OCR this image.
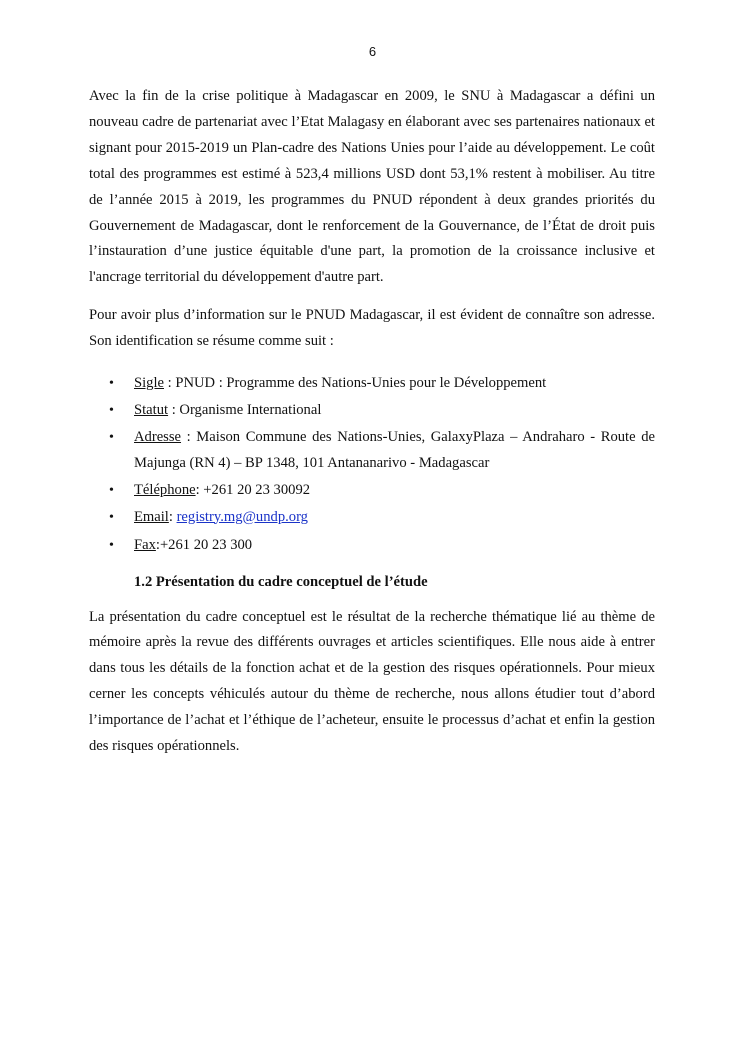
6

Avec la fin de la crise politique à Madagascar en 2009, le SNU à Madagascar a défini un nouveau cadre de partenariat avec l’Etat Malagasy en élaborant avec ses partenaires nationaux et signant pour 2015-2019 un Plan-cadre des Nations Unies pour l’aide au développement. Le coût total des programmes est estimé à 523,4 millions USD dont 53,1% restent à mobiliser. Au titre de l’année 2015 à 2019, les programmes du PNUD répondent à deux grandes priorités du Gouvernement de Madagascar, dont le renforcement de la Gouvernance, de l’État de droit puis l’instauration d’une justice équitable d'une part, la promotion de la croissance inclusive et l'ancrage territorial du développement d'autre part.

Pour avoir plus d’information sur le PNUD Madagascar, il est évident de connaître son adresse. Son identification se résume comme suit :

• Sigle : PNUD : Programme des Nations-Unies pour le Développement
• Statut : Organisme International
• Adresse : Maison Commune des Nations-Unies, GalaxyPlaza – Andraharo - Route de Majunga (RN 4) – BP 1348, 101 Antananarivo - Madagascar
• Téléphone: +261 20 23 30092
• Email: registry.mg@undp.org
• Fax:+261 20 23 300
1.2 Présentation du cadre conceptuel de l’étude

La présentation du cadre conceptuel est le résultat de la recherche thématique lié au thème de mémoire après la revue des différents ouvrages et articles scientifiques. Elle nous aide à entrer dans tous les détails de la fonction achat et de la gestion des risques opérationnels. Pour mieux cerner les concepts véhiculés autour du thème de recherche, nous allons étudier tout d’abord l’importance de l’achat et l’éthique de l’acheteur, ensuite le processus d’achat et enfin la gestion des risques opérationnels.
